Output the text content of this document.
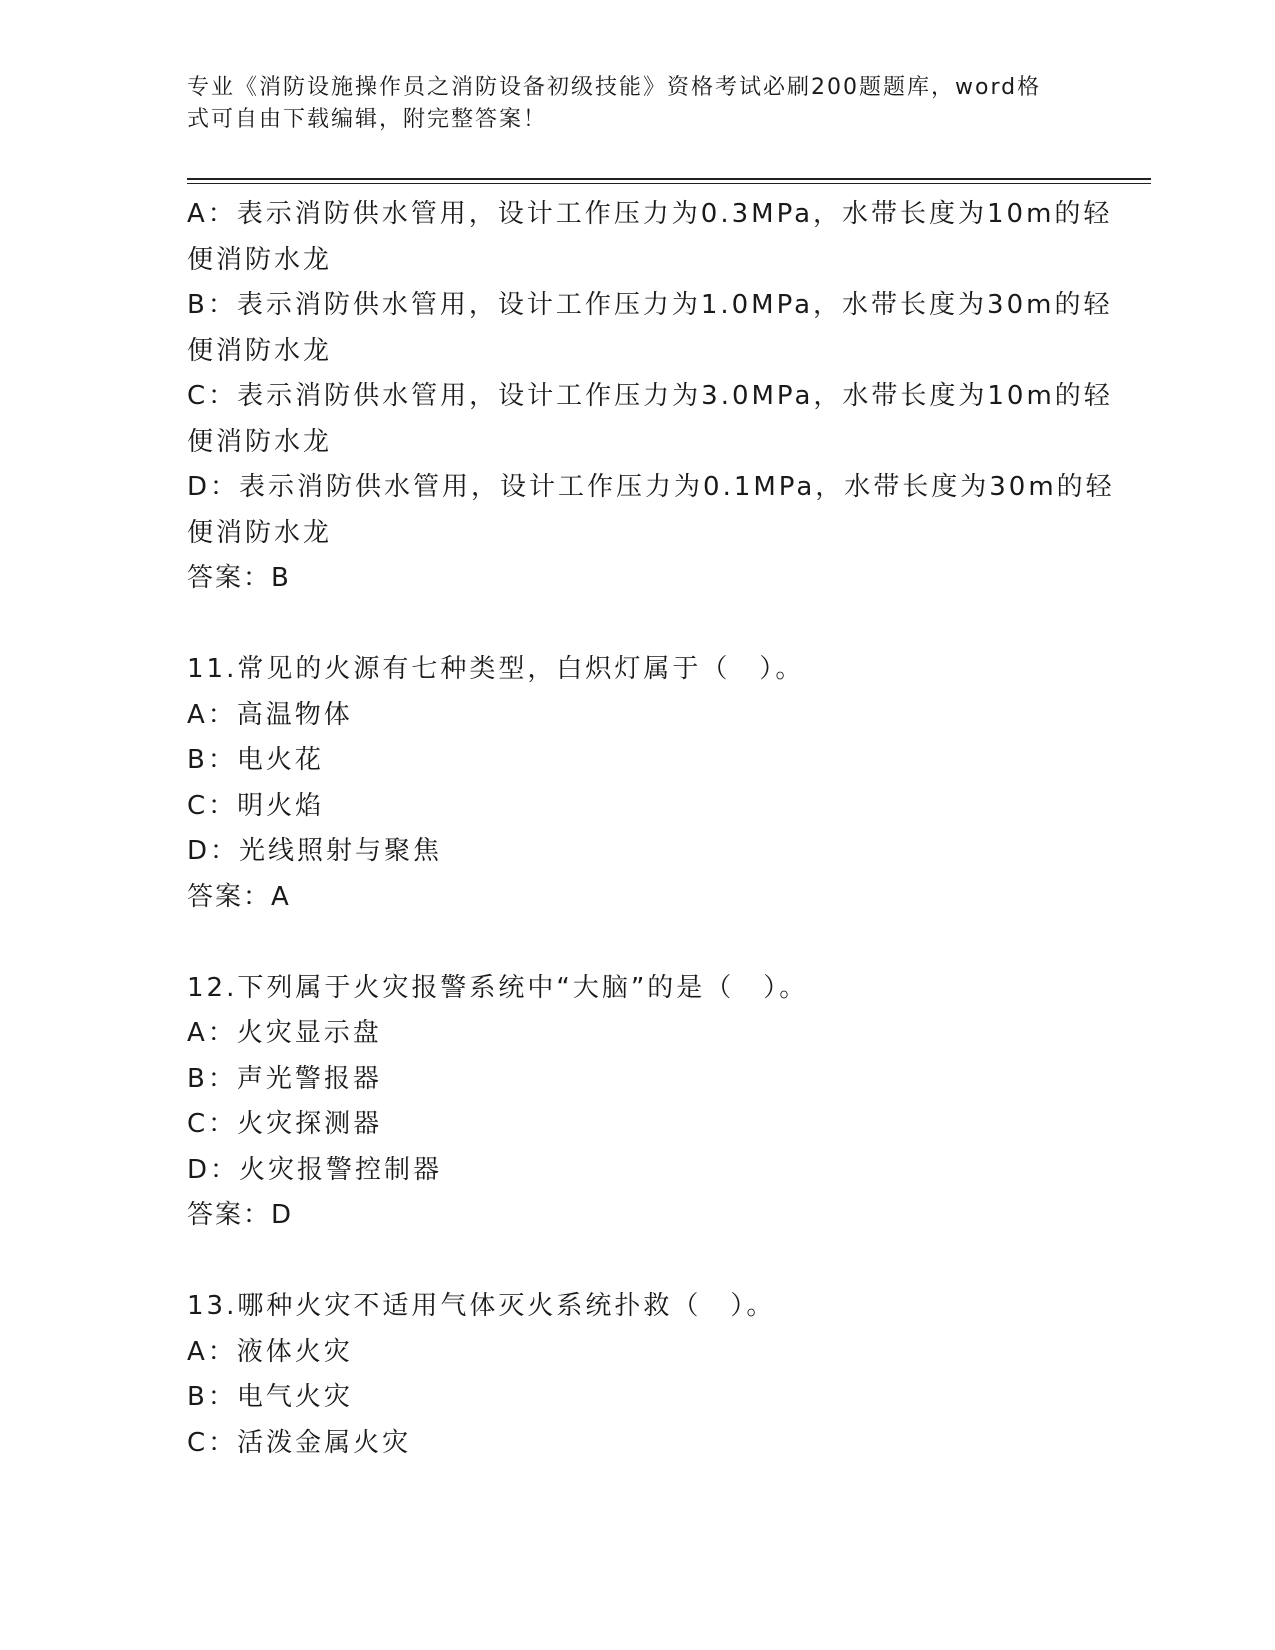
专业《消防设施操作员之消防设备初级技能》资格考试必刷200题题库，word格
式可自由下载编辑，附完整答案！
A：表示消防供水管用，设计工作压力为0.3MPa，水带长度为10m的轻
便消防水龙
B：表示消防供水管用，设计工作压力为1.0MPa，水带长度为30m的轻
便消防水龙
C：表示消防供水管用，设计工作压力为3.0MPa，水带长度为10m的轻
便消防水龙
D：表示消防供水管用，设计工作压力为0.1MPa，水带长度为30m的轻
便消防水龙
答案：B
11.常见的火源有七种类型，白炽灯属于（　）。
A：高温物体
B：电火花
C：明火焰
D：光线照射与聚焦
答案：A
12.下列属于火灾报警系统中“大脑”的是（　）。
A：火灾显示盘
B：声光警报器
C：火灾探测器
D：火灾报警控制器
答案：D
13.哪种火灾不适用气体灭火系统扑救（　）。
A：液体火灾
B：电气火灾
C：活泼金属火灾
